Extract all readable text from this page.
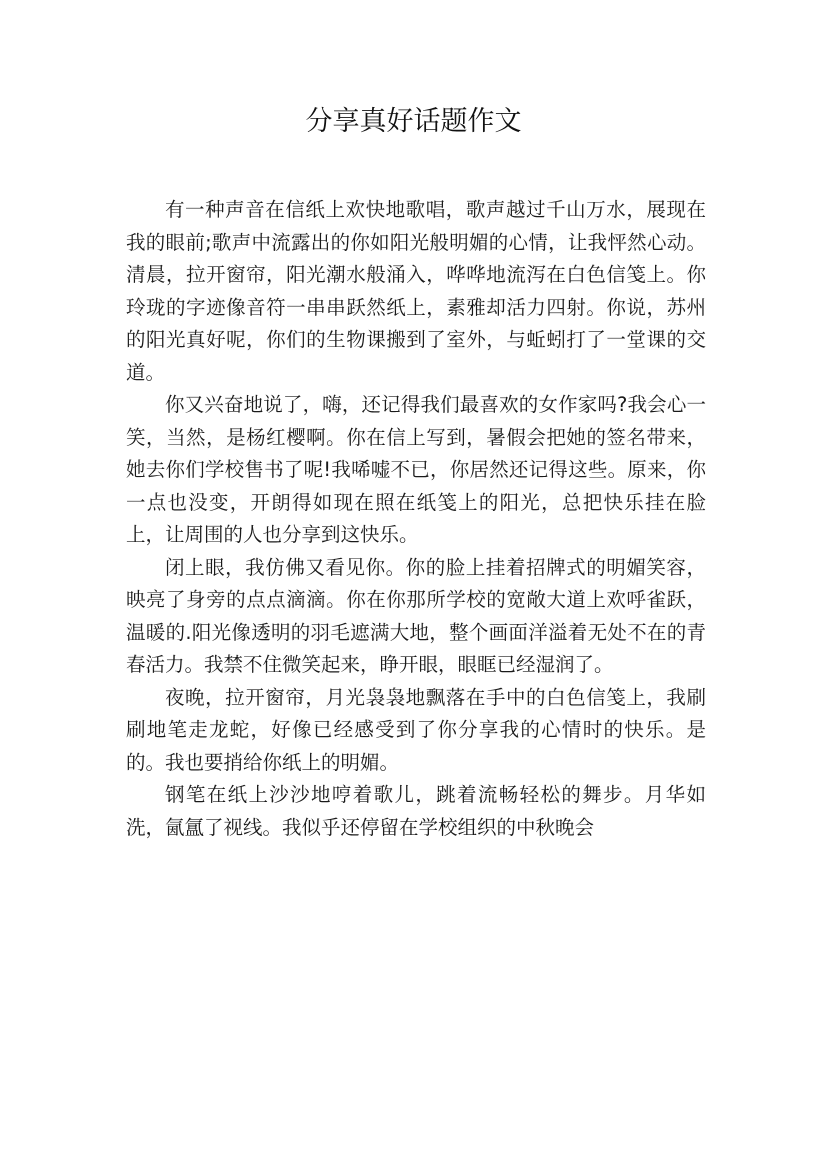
分享真好话题作文

有一种声音在信纸上欢快地歌唱，歌声越过千山万水，展现在我的眼前;歌声中流露出的你如阳光般明媚的心情，让我怦然心动。清晨，拉开窗帘，阳光潮水般涌入，哗哗地流泻在白色信笺上。你玲珑的字迹像音符一串串跃然纸上，素雅却活力四射。你说，苏州的阳光真好呢，你们的生物课搬到了室外，与蚯蚓打了一堂课的交道。

你又兴奋地说了，嗨，还记得我们最喜欢的女作家吗?我会心一笑，当然，是杨红樱啊。你在信上写到，暑假会把她的签名带来，她去你们学校售书了呢!我唏嘘不已，你居然还记得这些。原来，你一点也没变，开朗得如现在照在纸笺上的阳光，总把快乐挂在脸上，让周围的人也分享到这快乐。

闭上眼，我仿佛又看见你。你的脸上挂着招牌式的明媚笑容，映亮了身旁的点点滴滴。你在你那所学校的宽敞大道上欢呼雀跃，温暖的.阳光像透明的羽毛遮满大地，整个画面洋溢着无处不在的青春活力。我禁不住微笑起来，睁开眼，眼眶已经湿润了。

夜晚，拉开窗帘，月光袅袅地飘落在手中的白色信笺上，我刷刷地笔走龙蛇，好像已经感受到了你分享我的心情时的快乐。是的。我也要捎给你纸上的明媚。

钢笔在纸上沙沙地哼着歌儿，跳着流畅轻松的舞步。月华如洗，氤氲了视线。我似乎还停留在学校组织的中秋晚会
